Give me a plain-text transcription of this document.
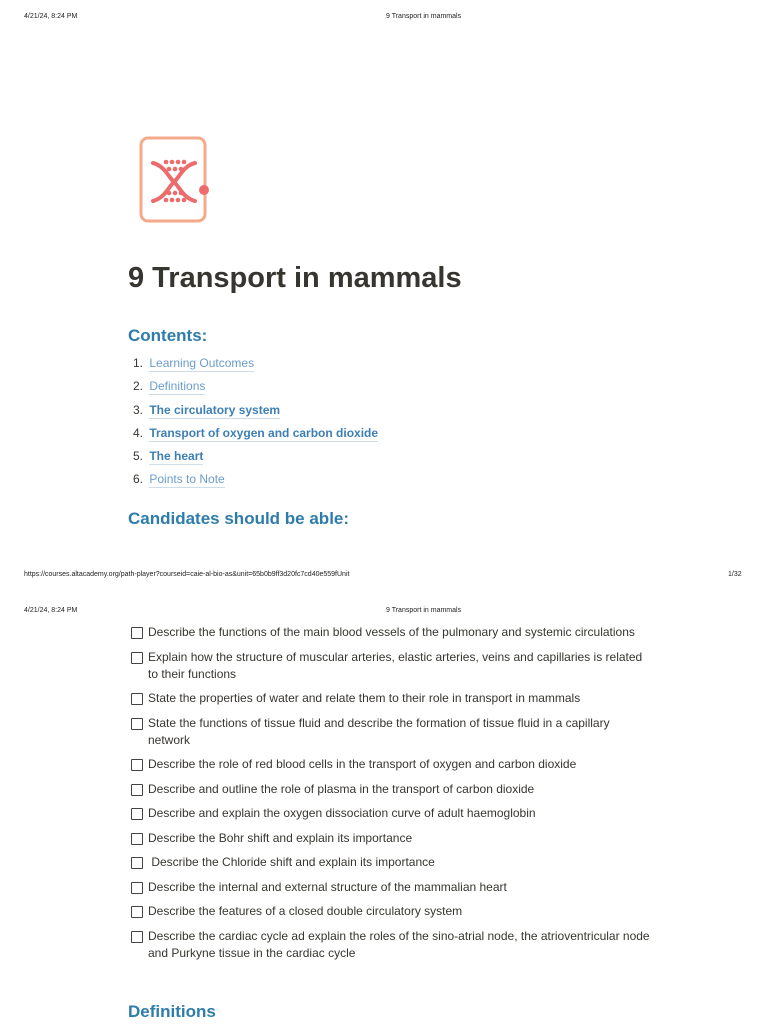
4/21/24, 8:24 PM	9 Transport in mammals
9 Transport in mammals
Contents:
1. Learning Outcomes
2. Definitions
3. The circulatory system
4. Transport of oxygen and carbon dioxide
5. The heart
6. Points to Note
Candidates should be able:
https://courses.altacademy.org/path-player?courseid=caie-al-bio-as&unit=65b0b9ff3d20fc7cd40e559fUnit	1/32
4/21/24, 8:24 PM	9 Transport in mammals
Describe the functions of the main blood vessels of the pulmonary and systemic circulations
Explain how the structure of muscular arteries, elastic arteries, veins and capillaries is related to their functions
State the properties of water and relate them to their role in transport in mammals
State the functions of tissue fluid and describe the formation of tissue fluid in a capillary network
Describe the role of red blood cells in the transport of oxygen and carbon dioxide
Describe and outline the role of plasma in the transport of carbon dioxide
Describe and explain the oxygen dissociation curve of adult haemoglobin
Describe the Bohr shift and explain its importance
Describe the Chloride shift and explain its importance
Describe the internal and external structure of the mammalian heart
Describe the features of a closed double circulatory system
Describe the cardiac cycle ad explain the roles of the sino-atrial node, the atrioventricular node and Purkyne tissue in the cardiac cycle
Definitions
